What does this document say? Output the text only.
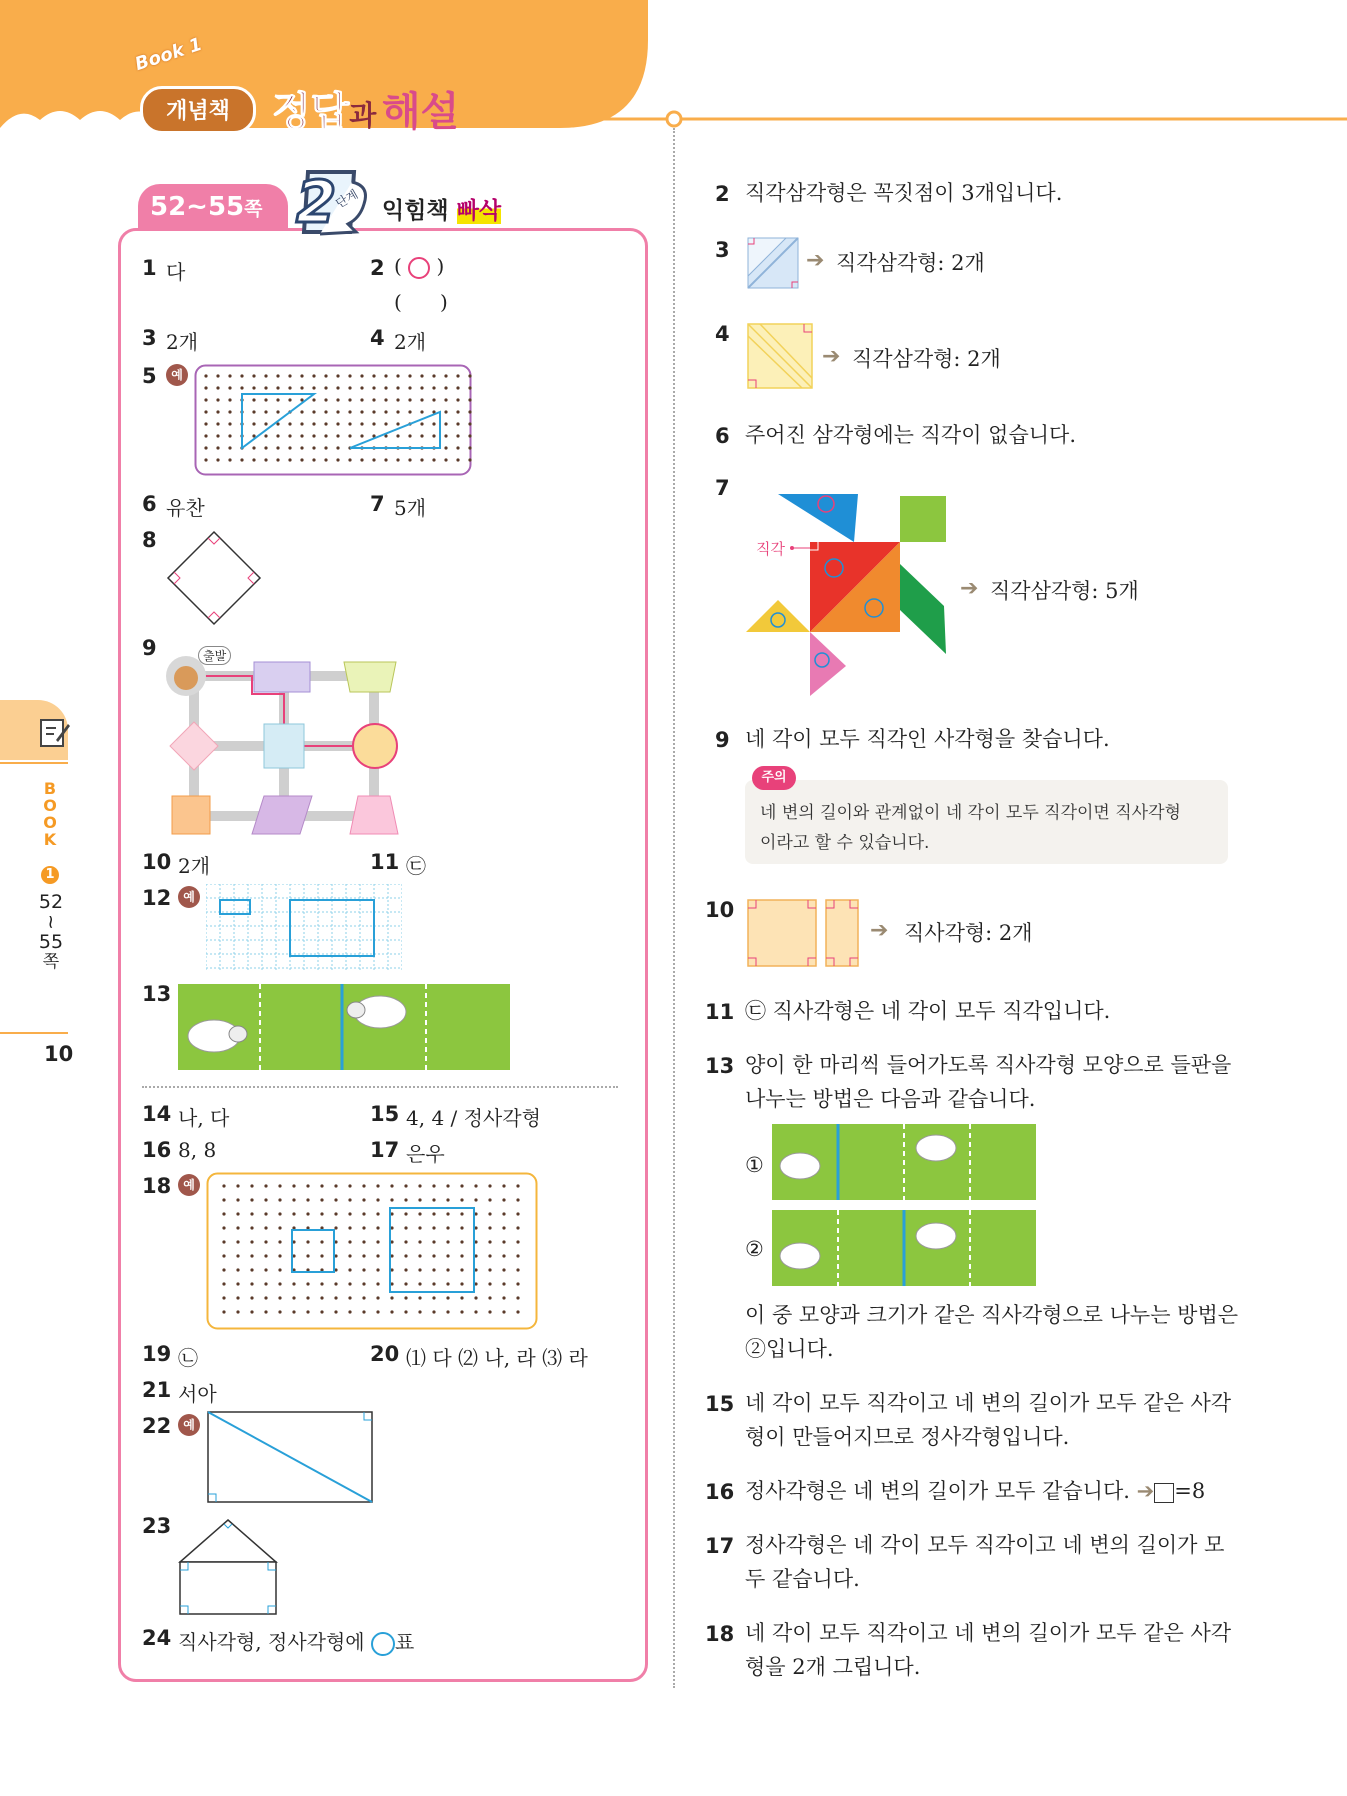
Book 1
개념책	정답과 해설
BOOK
1
52
~
55
쪽
10
52~55쪽 2
단계 익힘책 빠삭
1 다	2 ( )
(      )
3 2개	4 2개
5	예
6 유찬	7 5개
8
9	출발
10 2개	11 ㉢
12 예
13
14 나, 다	15 4, 4 / 정사각형
16 8, 8	17 은우
18 예
19 ㉡	20 ⑴ 다 ⑵ 나, 라 ⑶ 라
21 서아
22 예
23
24 직사각형, 정사각형에 표
2 직각삼각형은 꼭짓점이 3개입니다.
3	➔ 직각삼각형: 2개
4
➔ 직각삼각형: 2개
6 주어진 삼각형에는 직각이 없습니다.
7
직각
➔ 직각삼각형: 5개
9 네 각이 모두 직각인 사각형을 찾습니다.
주의
네 변의 길이와 관계없이 네 각이 모두 직각이면 직사각형
이라고 할 수 있습니다.
10
➔ 직사각형: 2개
11 ㉢ 직사각형은 네 각이 모두 직각입니다.
13 양이 한 마리씩 들어가도록 직사각형 모양으로 들판을
나누는 방법은 다음과 같습니다.
①
②
이 중 모양과 크기가 같은 직사각형으로 나누는 방법은
②입니다.
15 네 각이 모두 직각이고 네 변의 길이가 모두 같은 사각
형이 만들어지므로 정사각형입니다.
16 정사각형은 네 변의 길이가 모두 같습니다. ➔ =8
17 정사각형은 네 각이 모두 직각이고 네 변의 길이가 모
두 같습니다.
18 네 각이 모두 직각이고 네 변의 길이가 모두 같은 사각
형을 2개 그립니다.
